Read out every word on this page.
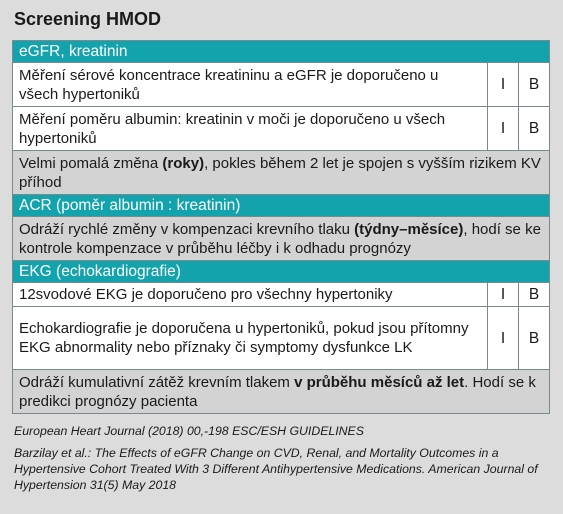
Screening HMOD
eGFR, kreatinin		
Měření sérové koncentrace kreatininu a eGFR je doporučeno u všech hypertoniků	I	B
Měření poměru albumin: kreatinin v moči je doporučeno u všech hypertoniků	I	B
Velmi pomalá změna (roky), pokles během 2 let je spojen s vyšším rizikem KV příhod		
ACR (poměr albumin : kreatinin)		
Odráží rychlé změny v kompenzaci krevního tlaku (týdny–měsíce), hodí se ke kontrole kompenzace v průběhu léčby i k odhadu prognózy		
EKG (echokardiografie)		
12svodové EKG je doporučeno pro všechny hypertoniky	I	B
Echokardiografie je doporučena u hypertoniků, pokud jsou přítomny EKG abnormality nebo příznaky či symptomy dysfunkce LK	I	B
Odráží kumulativní zátěž krevním tlakem v průběhu měsíců až let. Hodí se k predikci prognózy pacienta		
European Heart Journal (2018) 00,-198 ESC/ESH GUIDELINES
Barzilay et al.: The Effects of eGFR Change on CVD, Renal, and Mortality Outcomes in a Hypertensive Cohort Treated With 3 Different Antihypertensive Medications. American Journal of Hypertension 31(5) May 2018
